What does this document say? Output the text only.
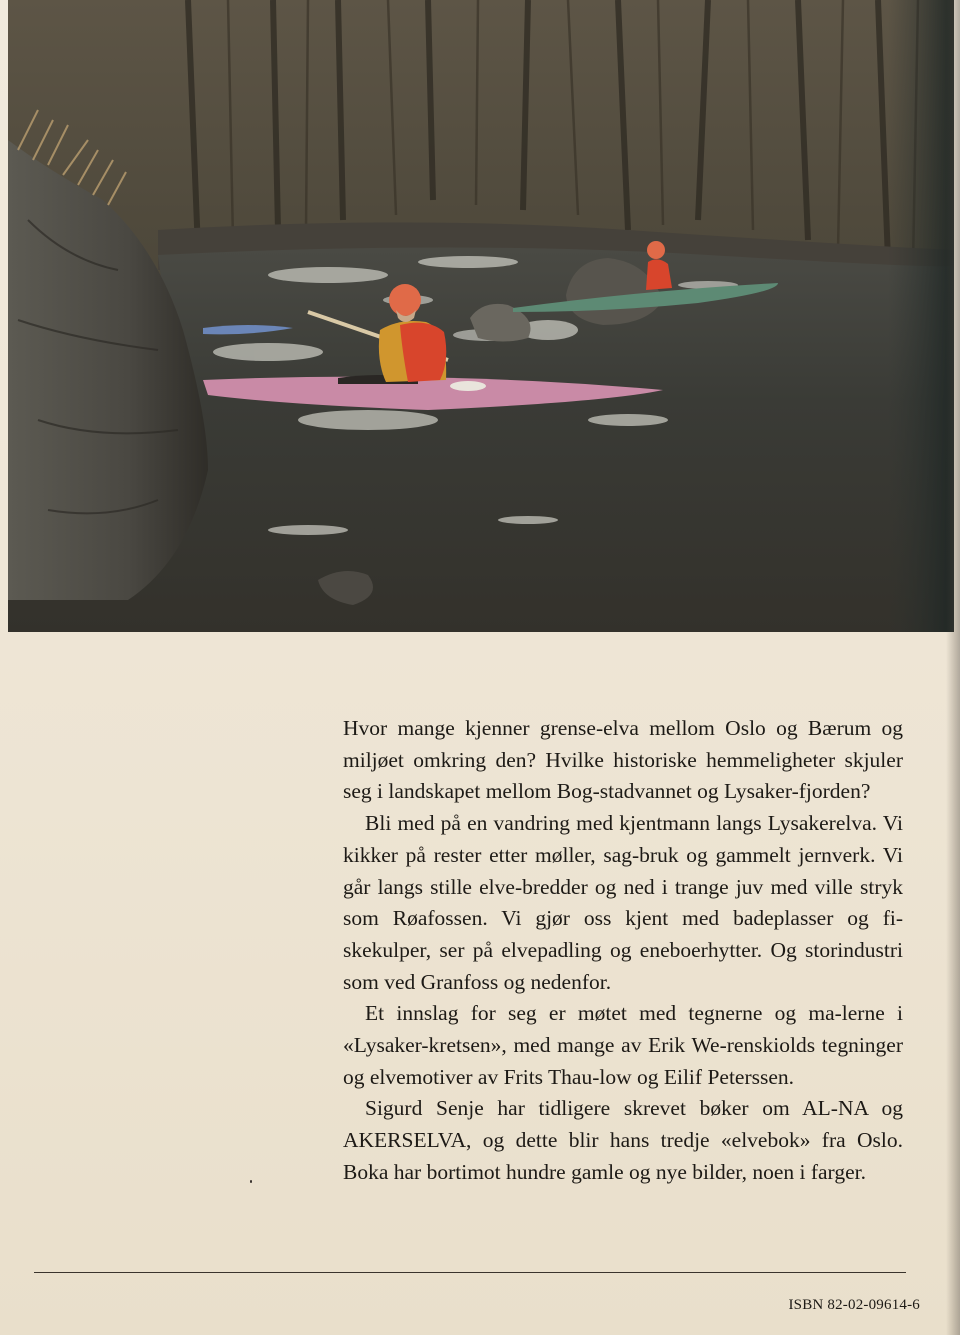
Hvor mange kjenner grense-elva mellom Oslo og Bærum og miljøet omkring den? Hvilke historiske hemmeligheter skjuler seg i landskapet mellom Bog-stadvannet og Lysaker-fjorden?

Bli med på en vandring med kjentmann langs Lysakerelva. Vi kikker på rester etter møller, sag-bruk og gammelt jernverk. Vi går langs stille elve-bredder og ned i trange juv med ville stryk som Røafossen. Vi gjør oss kjent med badeplasser og fi-skekulper, ser på elvepadling og eneboerhytter. Og storindustri som ved Granfoss og nedenfor.

Et innslag for seg er møtet med tegnerne og ma-lerne i «Lysaker-kretsen», med mange av Erik We-renskiolds tegninger og elvemotiver av Frits Thau-low og Eilif Peterssen.

Sigurd Senje har tidligere skrevet bøker om AL-NA og AKERSELVA, og dette blir hans tredje «elvebok» fra Oslo. Boka har bortimot hundre gamle og nye bilder, noen i farger.

ISBN 82-02-09614-6
